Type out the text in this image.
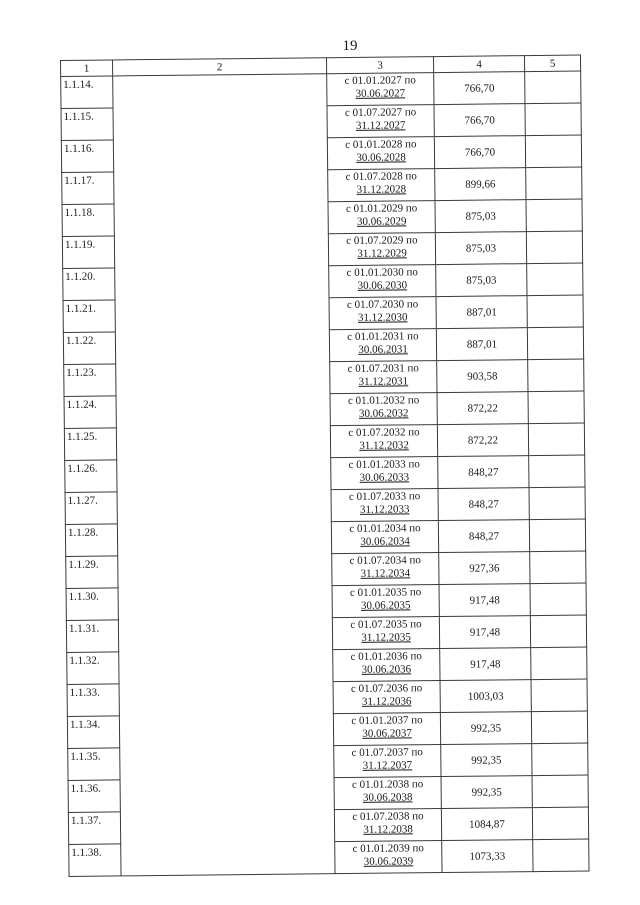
19
1	2	3	4	5
1.1.14.		с 01.01.2027 по
30.06.2027	766,70	
1.1.15.		с 01.07.2027 по
31.12.2027	766,70	
1.1.16.		с 01.01.2028 по
30.06.2028	766,70	
1.1.17.		с 01.07.2028 по
31.12.2028	899,66	
1.1.18.		с 01.01.2029 по
30.06.2029	875,03	
1.1.19.		с 01.07.2029 по
31.12.2029	875,03	
1.1.20.		с 01.01.2030 по
30.06.2030	875,03	
1.1.21.		с 01.07.2030 по
31.12.2030	887,01	
1.1.22.		с 01.01.2031 по
30.06.2031	887,01	
1.1.23.		с 01.07.2031 по
31.12.2031	903,58	
1.1.24.		с 01.01.2032 по
30.06.2032	872,22	
1.1.25.		с 01.07.2032 по
31.12.2032	872,22	
1.1.26.		с 01.01.2033 по
30.06.2033	848,27	
1.1.27.		с 01.07.2033 по
31.12.2033	848,27	
1.1.28.		с 01.01.2034 по
30.06.2034	848,27	
1.1.29.		с 01.07.2034 по
31.12.2034	927,36	
1.1.30.		с 01.01.2035 по
30.06.2035	917,48	
1.1.31.		с 01.07.2035 по
31.12.2035	917,48	
1.1.32.		с 01.01.2036 по
30.06.2036	917,48	
1.1.33.		с 01.07.2036 по
31.12.2036	1003,03	
1.1.34.		с 01.01.2037 по
30.06.2037	992,35	
1.1.35.		с 01.07.2037 по
31.12.2037	992,35	
1.1.36.		с 01.01.2038 по
30.06.2038	992,35	
1.1.37.		с 01.07.2038 по
31.12.2038	1084,87	
1.1.38.		с 01.01.2039 по
30.06.2039	1073,33	
